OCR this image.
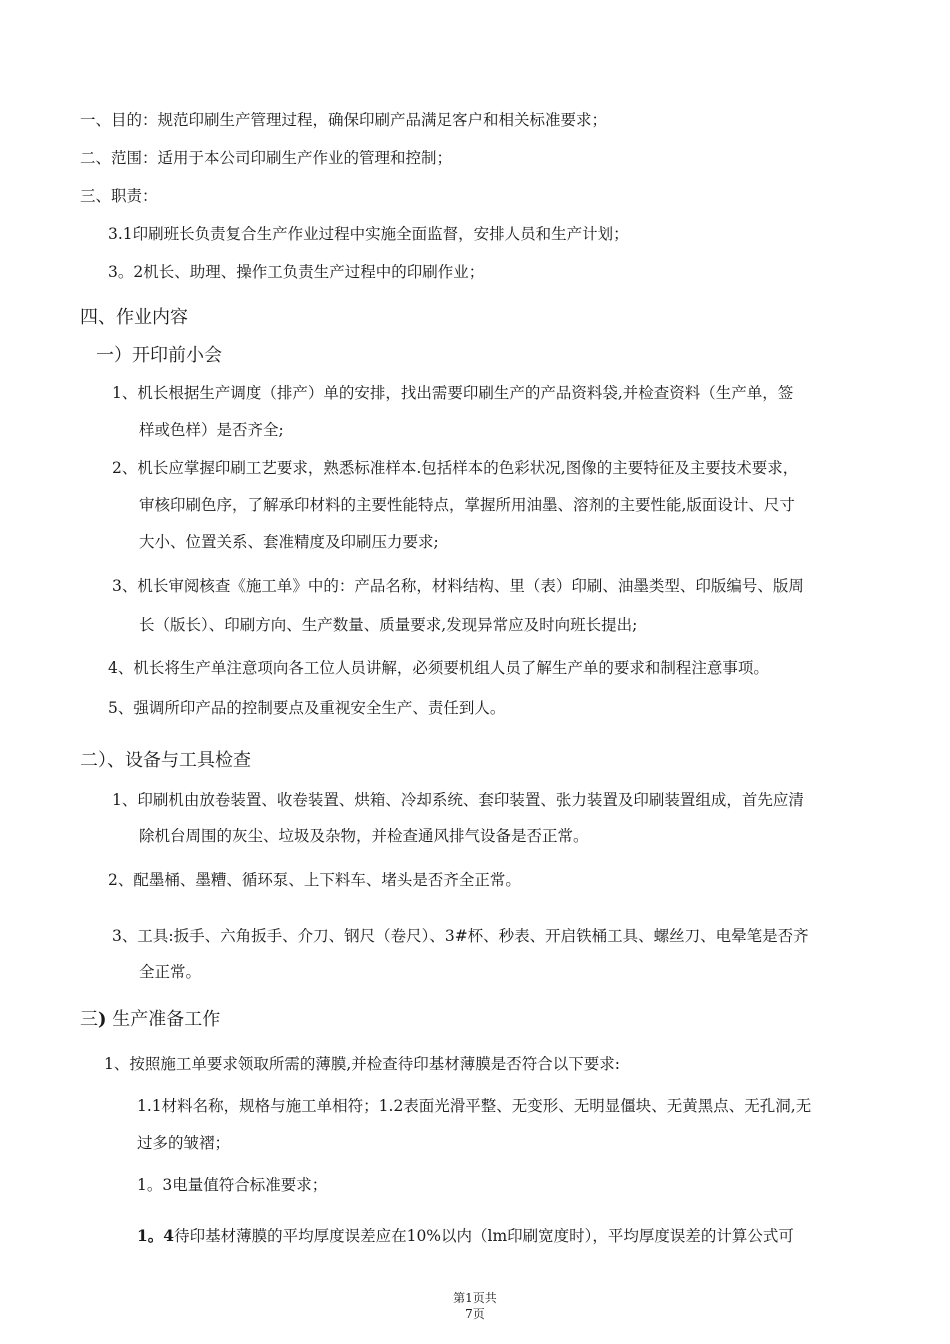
一、目的：规范印刷生产管理过程，确保印刷产品满足客户和相关标准要求；
二、范围：适用于本公司印刷生产作业的管理和控制；
三、职责：
3.1印刷班长负责复合生产作业过程中实施全面监督，安排人员和生产计划；
3。2机长、助理、操作工负责生产过程中的印刷作业；
四、作业内容
一）开印前小会
1、机长根据生产调度（排产）单的安排，找出需要印刷生产的产品资料袋,并检查资料（生产单，签
样或色样）是否齐全;
2、机长应掌握印刷工艺要求，熟悉标准样本.包括样本的色彩状况,图像的主要特征及主要技术要求，
审核印刷色序，了解承印材料的主要性能特点，掌握所用油墨、溶剂的主要性能,版面设计、尺寸
大小、位置关系、套准精度及印刷压力要求;
3、机长审阅核查《施工单》中的：产品名称，材料结构、里（表）印刷、油墨类型、印版编号、版周
长（版长）、印刷方向、生产数量、质量要求,发现异常应及时向班长提出;
4、机长将生产单注意项向各工位人员讲解，必须要机组人员了解生产单的要求和制程注意事项。
5、强调所印产品的控制要点及重视安全生产、责任到人。
二）、设备与工具检查
1、印刷机由放卷装置、收卷装置、烘箱、冷却系统、套印装置、张力装置及印刷装置组成，首先应清
除机台周围的灰尘、垃圾及杂物，并检查通风排气设备是否正常。
2、配墨桶、墨糟、循环泵、上下料车、堵头是否齐全正常。
3、工具:扳手、六角扳手、介刀、钢尺（卷尺）、3#杯、秒表、开启铁桶工具、螺丝刀、电晕笔是否齐
全正常。
三) 生产准备工作
1、按照施工单要求领取所需的薄膜,并检查待印基材薄膜是否符合以下要求:
1.1材料名称，规格与施工单相符；1.2表面光滑平整、无变形、无明显僵块、无黄黑点、无孔洞,无
过多的皱褶；
1。3电量值符合标准要求；
1。4待印基材薄膜的平均厚度误差应在10%以内（lm印刷宽度时），平均厚度误差的计算公式可
第1页共
7页
